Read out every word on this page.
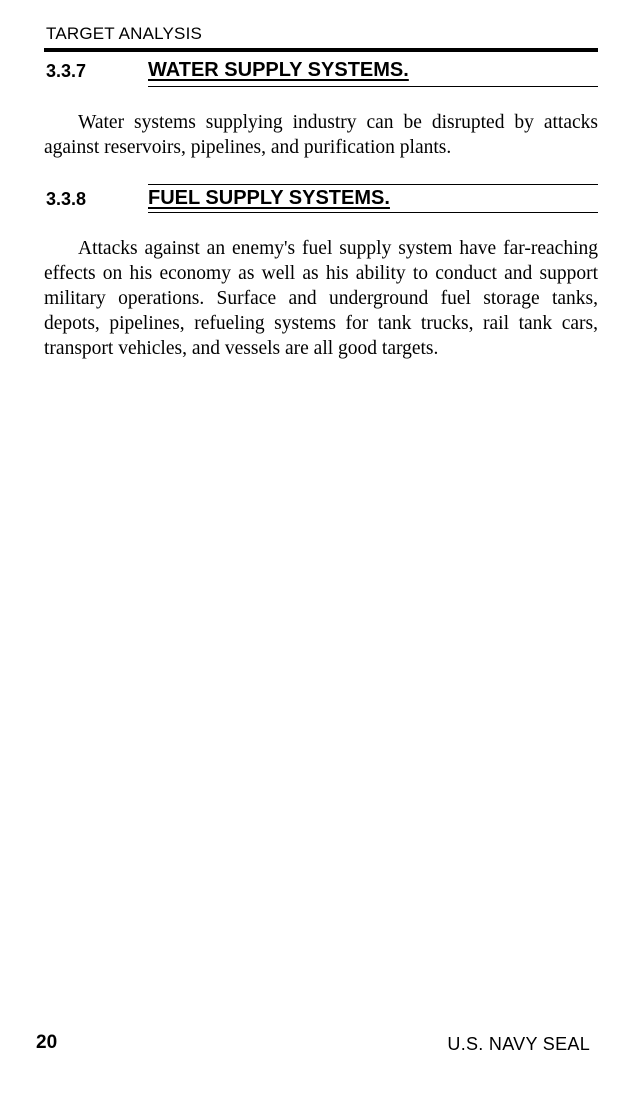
TARGET ANALYSIS
3.3.7	WATER SUPPLY SYSTEMS.

Water systems supplying industry can be disrupted by attacks against reservoirs, pipelines, and purification plants.

3.3.8	FUEL SUPPLY SYSTEMS.

Attacks against an enemy's fuel supply system have far-reaching effects on his economy as well as his ability to conduct and support military operations. Surface and underground fuel storage tanks, depots, pipelines, refueling systems for tank trucks, rail tank cars, transport vehicles, and vessels are all good targets.

20	U.S. NAVY SEAL
